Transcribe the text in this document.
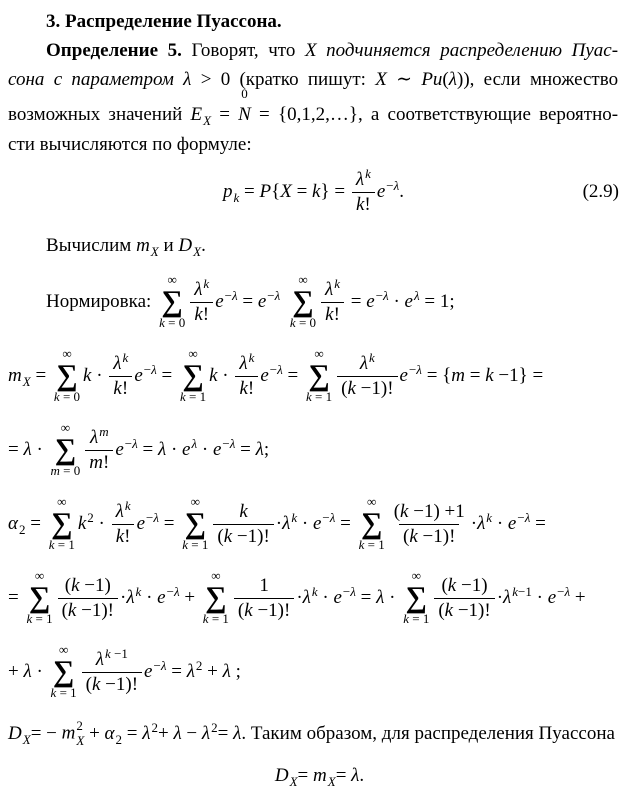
3. Распределение Пуассона.
Определение 5. Говорят, что X подчиняется распределению Пуас-
сона с параметром λ > 0 (кратко пишут: X ∼ Pu(λ)), если множество
возможных значений $E_X = N$
0
= {0,1,2,…}, а соответствующие вероятно-
сти вычисляются по формуле:
$p_k = P$ { X = k } = $\frac{\lambda^k}{k!} e^{-\lambda}$ .	(2.9)
Вычислим $m_X$ и $D_X$.
Нормировка:
∞
∑
$k = 0 \frac{\lambda^k}{k!} e^{-\lambda} = e^{-\lambda}$
∞
∑
$k = 0 \frac{\lambda^k}{k!} = e^{-\lambda} \cdot e^\lambda = 1$;
$m_X$ =
∞
∑
k = 0
$k \cdot \frac{\lambda^k}{k!} e^{-\lambda}$ =
∞
∑
k = 1
$k \cdot \frac{\lambda^k}{k!} e^{-\lambda}$ =
∞
∑
$k = 1 \frac{\lambda^k}{(k -1)!} e^{-\lambda} = \{m = k -1\}$ =
= λ ·
∞
∑
$m = 0 \frac{\lambda^m}{m!} e^{-\lambda} = \lambda \cdot e^\lambda \cdot e^{-\lambda} = \lambda$ ;
$\alpha_2$ =
∞
∑
k = 1
$k^2 \cdot \frac{\lambda^k}{k!} e^{-\lambda}$ =
∞
∑
$k = 1 \frac{k}{(k -1)!} \cdot \lambda^k \cdot e^{-\lambda}$ =
∞
∑
$k = 1 \frac{(k -1) +1}{(k -1)!} \cdot \lambda^k \cdot e^{-\lambda}$ =
=
∞
∑
$k = 1 \frac{(k -1)}{(k -1)!} \cdot \lambda^k \cdot e^{-\lambda}$ +
∞
∑
$k = 1 \frac{1}{(k -1)!} \cdot \lambda^k \cdot e^{-\lambda} = \lambda$ ·
∞
∑
$k = 1 \frac{(k -1)}{(k -1)!} \cdot \lambda^{k-1} \cdot e^{-\lambda}$ +
+ λ ·
∞
∑
$k = 1 \frac{\lambda^{k -1}}{(k -1)!} e^{-\lambda} = \lambda^2 + \lambda$ ;
$D_X$ = − m 2
$X + \alpha_2 = \lambda^2 + \lambda - \lambda^2 = \lambda$ . Таким образом, для распределения Пуассона
$D_X = m_X = \lambda$ .
